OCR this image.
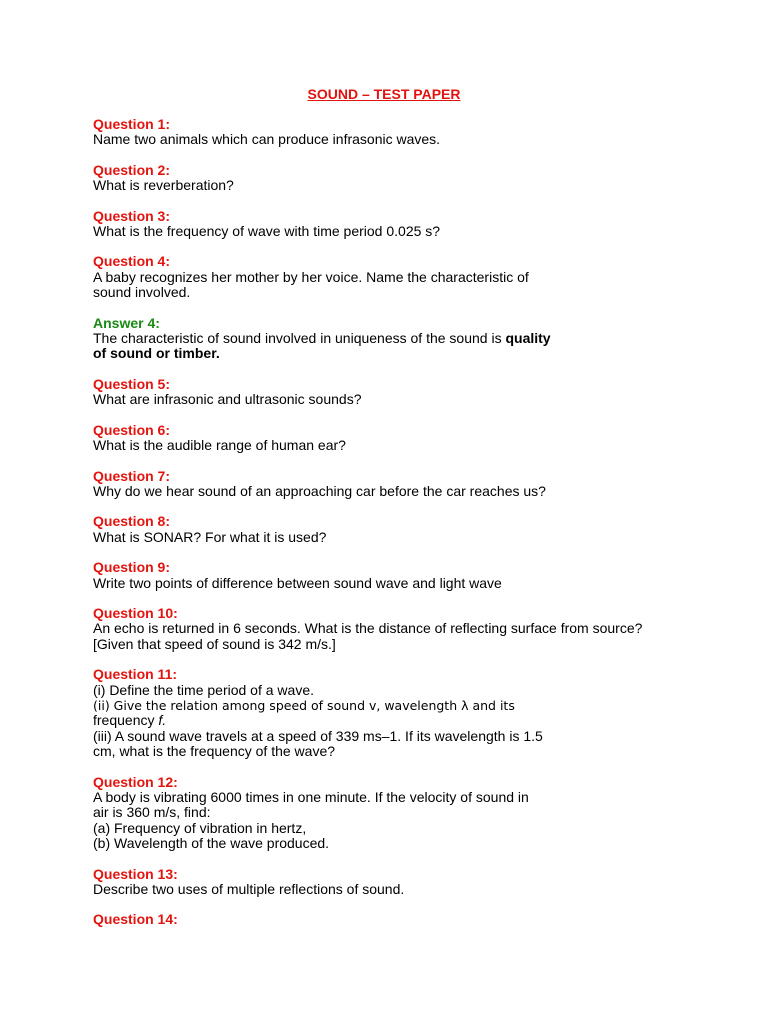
SOUND – TEST PAPER
Question 1:
Name two animals which can produce infrasonic waves.
Question 2:
What is reverberation?
Question 3:
What is the frequency of wave with time period 0.025 s?
Question 4:
A baby recognizes her mother by her voice. Name the characteristic of
sound involved.
Answer 4:
The characteristic of sound involved in uniqueness of the sound is quality
of sound or timber.
Question 5:
What are infrasonic and ultrasonic sounds?
Question 6:
What is the audible range of human ear?
Question 7:
Why do we hear sound of an approaching car before the car reaches us?
Question 8:
What is SONAR? For what it is used?
Question 9:
Write two points of difference between sound wave and light wave
Question 10:
An echo is returned in 6 seconds. What is the distance of reflecting surface from source?
[Given that speed of sound is 342 m/s.]
Question 11:
(i) Define the time period of a wave.
(ii) Give the relation among speed of sound v, wavelength λ and its
frequency f.
(iii) A sound wave travels at a speed of 339 ms–1. If its wavelength is 1.5
cm, what is the frequency of the wave?
Question 12:
A body is vibrating 6000 times in one minute. If the velocity of sound in
air is 360 m/s, find:
(a) Frequency of vibration in hertz,
(b) Wavelength of the wave produced.
Question 13:
Describe two uses of multiple reflections of sound.
Question 14:
